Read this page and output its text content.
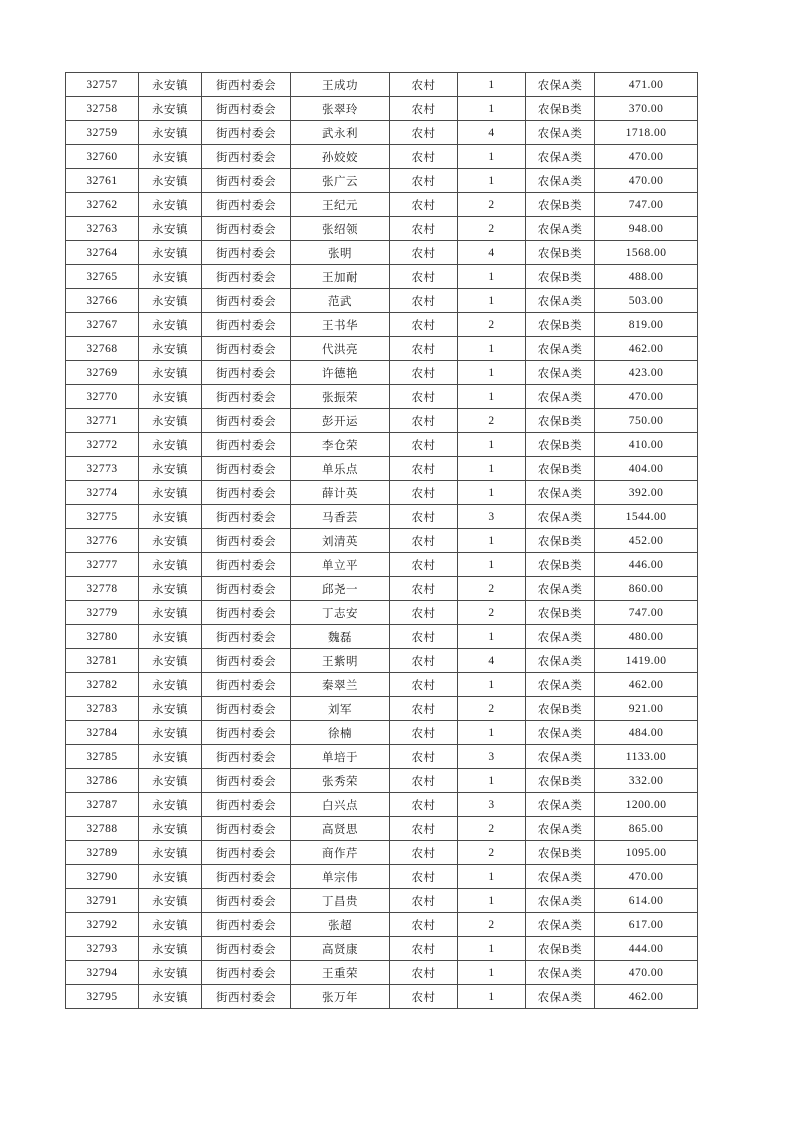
32757	永安镇	街西村委会	王成功	农村	1	农保A类	471.00
32758	永安镇	街西村委会	张翠玲	农村	1	农保B类	370.00
32759	永安镇	街西村委会	武永利	农村	4	农保A类	1718.00
32760	永安镇	街西村委会	孙姣姣	农村	1	农保A类	470.00
32761	永安镇	街西村委会	张广云	农村	1	农保A类	470.00
32762	永安镇	街西村委会	王纪元	农村	2	农保B类	747.00
32763	永安镇	街西村委会	张绍领	农村	2	农保A类	948.00
32764	永安镇	街西村委会	张明	农村	4	农保B类	1568.00
32765	永安镇	街西村委会	王加耐	农村	1	农保B类	488.00
32766	永安镇	街西村委会	范武	农村	1	农保A类	503.00
32767	永安镇	街西村委会	王书华	农村	2	农保B类	819.00
32768	永安镇	街西村委会	代洪亮	农村	1	农保A类	462.00
32769	永安镇	街西村委会	许德艳	农村	1	农保A类	423.00
32770	永安镇	街西村委会	张振荣	农村	1	农保A类	470.00
32771	永安镇	街西村委会	彭开运	农村	2	农保B类	750.00
32772	永安镇	街西村委会	李仓荣	农村	1	农保B类	410.00
32773	永安镇	街西村委会	单乐点	农村	1	农保B类	404.00
32774	永安镇	街西村委会	薛计英	农村	1	农保A类	392.00
32775	永安镇	街西村委会	马香芸	农村	3	农保A类	1544.00
32776	永安镇	街西村委会	刘清英	农村	1	农保B类	452.00
32777	永安镇	街西村委会	单立平	农村	1	农保B类	446.00
32778	永安镇	街西村委会	邱尧一	农村	2	农保A类	860.00
32779	永安镇	街西村委会	丁志安	农村	2	农保B类	747.00
32780	永安镇	街西村委会	魏磊	农村	1	农保A类	480.00
32781	永安镇	街西村委会	王紫明	农村	4	农保A类	1419.00
32782	永安镇	街西村委会	秦翠兰	农村	1	农保A类	462.00
32783	永安镇	街西村委会	刘军	农村	2	农保B类	921.00
32784	永安镇	街西村委会	徐楠	农村	1	农保A类	484.00
32785	永安镇	街西村委会	单培于	农村	3	农保A类	1133.00
32786	永安镇	街西村委会	张秀荣	农村	1	农保B类	332.00
32787	永安镇	街西村委会	白兴点	农村	3	农保A类	1200.00
32788	永安镇	街西村委会	高贤思	农村	2	农保A类	865.00
32789	永安镇	街西村委会	商作芹	农村	2	农保B类	1095.00
32790	永安镇	街西村委会	单宗伟	农村	1	农保A类	470.00
32791	永安镇	街西村委会	丁昌贵	农村	1	农保A类	614.00
32792	永安镇	街西村委会	张超	农村	2	农保A类	617.00
32793	永安镇	街西村委会	高贤康	农村	1	农保B类	444.00
32794	永安镇	街西村委会	王重荣	农村	1	农保A类	470.00
32795	永安镇	街西村委会	张万年	农村	1	农保A类	462.00
